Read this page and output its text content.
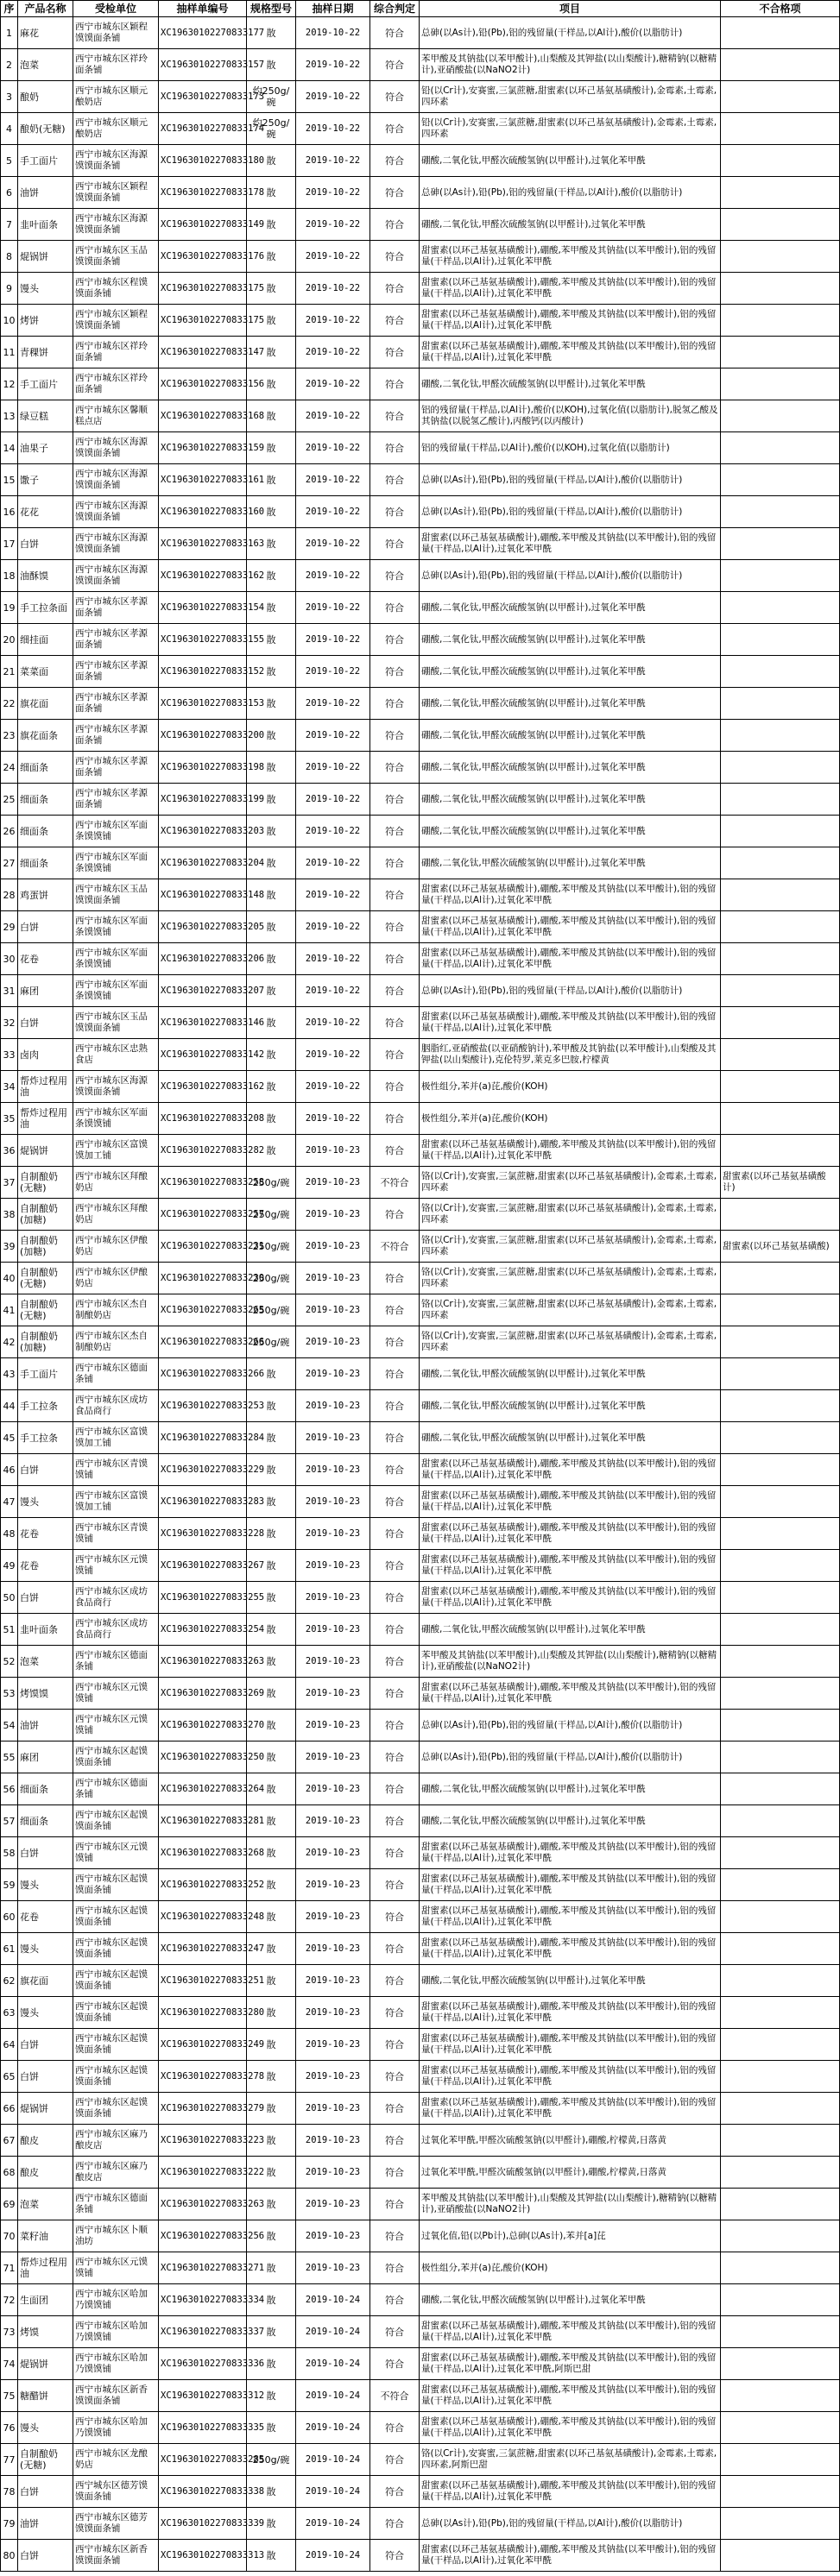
序	产品名称	受检单位	抽样单编号	规格型号	抽样日期	综合判定	项目	不合格项
1	麻花	西宁市城东区颖程馍馍面条铺	XC19630102270833177	散	2019-10-22	符合	总砷(以As计),铅(Pb),铝的残留量(干样品,以Al计),酸价(以脂肪计)	
2	泡菜	西宁市城东区祥玲面条铺	XC19630102270833157	散	2019-10-22	符合	苯甲酸及其钠盐(以苯甲酸计),山梨酸及其钾盐(以山梨酸计),糖精钠(以糖精计),亚硝酸盐(以NaNO2计)	
3	酿奶	西宁市城东区顺元酿奶店	XC19630102270833173	约250g/碗	2019-10-22	符合	铅(以Cr计),安赛蜜,三氯蔗糖,甜蜜素(以环己基氨基磺酸计),金霉素,土霉素,四环素	
4	酿奶(无糖)	西宁市城东区顺元酿奶店	XC19630102270833174	约250g/碗	2019-10-22	符合	铅(以Cr计),安赛蜜,三氯蔗糖,甜蜜素(以环己基氨基磺酸计),金霉素,土霉素,四环素	
5	手工面片	西宁市城东区海源馍馍面条铺	XC19630102270833180	散	2019-10-22	符合	硼酸,二氧化钛,甲醛次硫酸氢钠(以甲醛计),过氧化苯甲酰	
6	油饼	西宁市城东区颖程馍馍面条铺	XC19630102270833178	散	2019-10-22	符合	总砷(以As计),铅(Pb),铝的残留量(干样品,以Al计),酸价(以脂肪计)	
7	韭叶面条	西宁市城东区海源馍馍面条铺	XC19630102270833149	散	2019-10-22	符合	硼酸,二氧化钛,甲醛次硫酸氢钠(以甲醛计),过氧化苯甲酰	
8	焜锅饼	西宁市城东区玉品馍馍面条铺	XC19630102270833176	散	2019-10-22	符合	甜蜜素(以环己基氨基磺酸计),硼酸,苯甲酸及其钠盐(以苯甲酸计),铝的残留量(干样品,以Al计),过氧化苯甲酰	
9	馒头	西宁市城东区程馍馍面条铺	XC19630102270833175	散	2019-10-22	符合	甜蜜素(以环己基氨基磺酸计),硼酸,苯甲酸及其钠盐(以苯甲酸计),铝的残留量(干样品,以Al计),过氧化苯甲酰	
10	烤饼	西宁市城东区颖程馍馍面条铺	XC19630102270833175	散	2019-10-22	符合	甜蜜素(以环己基氨基磺酸计),硼酸,苯甲酸及其钠盐(以苯甲酸计),铝的残留量(干样品,以Al计),过氧化苯甲酰	
11	青稞饼	西宁市城东区祥玲面条铺	XC19630102270833147	散	2019-10-22	符合	甜蜜素(以环己基氨基磺酸计),硼酸,苯甲酸及其钠盐(以苯甲酸计),铝的残留量(干样品,以Al计),过氧化苯甲酰	
12	手工面片	西宁市城东区祥玲面条铺	XC19630102270833156	散	2019-10-22	符合	硼酸,二氧化钛,甲醛次硫酸氢钠(以甲醛计),过氧化苯甲酰	
13	绿豆糕	西宁市城东区馨顺糕点店	XC19630102270833168	散	2019-10-22	符合	铝的残留量(干样品,以Al计),酸价(以KOH),过氧化值(以脂肪计),脱氢乙酸及其钠盐(以脱氢乙酸计),丙酸钙(以丙酸计)	
14	油果子	西宁市城东区海源馍馍面条铺	XC19630102270833159	散	2019-10-22	符合	铝的残留量(干样品,以Al计),酸价(以KOH),过氧化值(以脂肪计)	
15	馓子	西宁市城东区海源馍馍面条铺	XC19630102270833161	散	2019-10-22	符合	总砷(以As计),铅(Pb),铝的残留量(干样品,以Al计),酸价(以脂肪计)	
16	花花	西宁市城东区海源馍馍面条铺	XC19630102270833160	散	2019-10-22	符合	总砷(以As计),铅(Pb),铝的残留量(干样品,以Al计),酸价(以脂肪计)	
17	白饼	西宁市城东区海源馍馍面条铺	XC19630102270833163	散	2019-10-22	符合	甜蜜素(以环己基氨基磺酸计),硼酸,苯甲酸及其钠盐(以苯甲酸计),铝的残留量(干样品,以Al计),过氧化苯甲酰	
18	油酥馍	西宁市城东区海源馍馍面条铺	XC19630102270833162	散	2019-10-22	符合	总砷(以As计),铅(Pb),铝的残留量(干样品,以Al计),酸价(以脂肪计)	
19	手工拉条面	西宁市城东区孝源面条铺	XC19630102270833154	散	2019-10-22	符合	硼酸,二氧化钛,甲醛次硫酸氢钠(以甲醛计),过氧化苯甲酰	
20	细挂面	西宁市城东区孝源面条铺	XC19630102270833155	散	2019-10-22	符合	硼酸,二氧化钛,甲醛次硫酸氢钠(以甲醛计),过氧化苯甲酰	
21	菜菜面	西宁市城东区孝源面条铺	XC19630102270833152	散	2019-10-22	符合	硼酸,二氧化钛,甲醛次硫酸氢钠(以甲醛计),过氧化苯甲酰	
22	旗花面	西宁市城东区孝源面条铺	XC19630102270833153	散	2019-10-22	符合	硼酸,二氧化钛,甲醛次硫酸氢钠(以甲醛计),过氧化苯甲酰	
23	旗花面条	西宁市城东区孝源面条铺	XC19630102270833200	散	2019-10-22	符合	硼酸,二氧化钛,甲醛次硫酸氢钠(以甲醛计),过氧化苯甲酰	
24	细面条	西宁市城东区孝源面条铺	XC19630102270833198	散	2019-10-22	符合	硼酸,二氧化钛,甲醛次硫酸氢钠(以甲醛计),过氧化苯甲酰	
25	细面条	西宁市城东区孝源面条铺	XC19630102270833199	散	2019-10-22	符合	硼酸,二氧化钛,甲醛次硫酸氢钠(以甲醛计),过氧化苯甲酰	
26	细面条	西宁市城东区军面条馍馍铺	XC19630102270833203	散	2019-10-22	符合	硼酸,二氧化钛,甲醛次硫酸氢钠(以甲醛计),过氧化苯甲酰	
27	细面条	西宁市城东区军面条馍馍铺	XC19630102270833204	散	2019-10-22	符合	硼酸,二氧化钛,甲醛次硫酸氢钠(以甲醛计),过氧化苯甲酰	
28	鸡蛋饼	西宁市城东区玉品馍馍面条铺	XC19630102270833148	散	2019-10-22	符合	甜蜜素(以环己基氨基磺酸计),硼酸,苯甲酸及其钠盐(以苯甲酸计),铝的残留量(干样品,以Al计),过氧化苯甲酰	
29	白饼	西宁市城东区军面条馍馍铺	XC19630102270833205	散	2019-10-22	符合	甜蜜素(以环己基氨基磺酸计),硼酸,苯甲酸及其钠盐(以苯甲酸计),铝的残留量(干样品,以Al计),过氧化苯甲酰	
30	花卷	西宁市城东区军面条馍馍铺	XC19630102270833206	散	2019-10-22	符合	甜蜜素(以环己基氨基磺酸计),硼酸,苯甲酸及其钠盐(以苯甲酸计),铝的残留量(干样品,以Al计),过氧化苯甲酰	
31	麻团	西宁市城东区军面条馍馍铺	XC19630102270833207	散	2019-10-22	符合	总砷(以As计),铅(Pb),铝的残留量(干样品,以Al计),酸价(以脂肪计)	
32	白饼	西宁市城东区玉品馍馍面条铺	XC19630102270833146	散	2019-10-22	符合	甜蜜素(以环己基氨基磺酸计),硼酸,苯甲酸及其钠盐(以苯甲酸计),铝的残留量(干样品,以Al计),过氧化苯甲酰	
33	卤肉	西宁市城东区忠熟食店	XC19630102270833142	散	2019-10-22	符合	胭脂红,亚硝酸盐(以亚硝酸钠计),苯甲酸及其钠盐(以苯甲酸计),山梨酸及其钾盐(以山梨酸计),克伦特罗,莱克多巴胺,柠檬黄	
34	帮炸过程用油	西宁市城东区海源馍馍面条铺	XC19630102270833162	散	2019-10-22	符合	极性组分,苯并(a)芘,酸价(KOH)	
35	帮炸过程用油	西宁市城东区军面条馍馍铺	XC19630102270833208	散	2019-10-22	符合	极性组分,苯并(a)芘,酸价(KOH)	
36	焜锅饼	西宁市城东区富馍馍加工铺	XC19630102270833282	散	2019-10-23	符合	甜蜜素(以环己基氨基磺酸计),硼酸,苯甲酸及其钠盐(以苯甲酸计),铝的残留量(干样品,以Al计),过氧化苯甲酰	
37	自制酿奶(无糖)	西宁市城东区拜酿奶店	XC19630102270833258	250g/碗	2019-10-23	不符合	铬(以Cr计),安赛蜜,三氯蔗糖,甜蜜素(以环己基氨基磺酸计),金霉素,土霉素,四环素	甜蜜素(以环己基氨基磺酸计)
38	自制酿奶(加糖)	西宁市城东区拜酿奶店	XC19630102270833257	250g/碗	2019-10-23	符合	铬(以Cr计),安赛蜜,三氯蔗糖,甜蜜素(以环己基氨基磺酸计),金霉素,土霉素,四环素	
39	自制酿奶(加糖)	西宁市城东区伊酿奶店	XC19630102270833231	250g/碗	2019-10-23	不符合	铬(以Cr计),安赛蜜,三氯蔗糖,甜蜜素(以环己基氨基磺酸计),金霉素,土霉素,四环素	甜蜜素(以环己基氨基磺酸)
40	自制酿奶(无糖)	西宁市城东区伊酿奶店	XC19630102270833230	250g/碗	2019-10-23	符合	铬(以Cr计),安赛蜜,三氯蔗糖,甜蜜素(以环己基氨基磺酸计),金霉素,土霉素,四环素	
41	自制酿奶(无糖)	西宁市城东区杰自制酿奶店	XC19630102270833265	250g/碗	2019-10-23	符合	铬(以Cr计),安赛蜜,三氯蔗糖,甜蜜素(以环己基氨基磺酸计),金霉素,土霉素,四环素	
42	自制酿奶(加糖)	西宁市城东区杰自制酿奶店	XC19630102270833266	250g/碗	2019-10-23	符合	铬(以Cr计),安赛蜜,三氯蔗糖,甜蜜素(以环己基氨基磺酸计),金霉素,土霉素,四环素	
43	手工面片	西宁市城东区德面条铺	XC19630102270833266	散	2019-10-23	符合	硼酸,二氧化钛,甲醛次硫酸氢钠(以甲醛计),过氧化苯甲酰	
44	手工拉条	西宁市城东区成坊食品商行	XC19630102270833253	散	2019-10-23	符合	硼酸,二氧化钛,甲醛次硫酸氢钠(以甲醛计),过氧化苯甲酰	
45	手工拉条	西宁市城东区富馍馍加工铺	XC19630102270833284	散	2019-10-23	符合	硼酸,二氧化钛,甲醛次硫酸氢钠(以甲醛计),过氧化苯甲酰	
46	白饼	西宁市城东区青馍馍铺	XC19630102270833229	散	2019-10-23	符合	甜蜜素(以环己基氨基磺酸计),硼酸,苯甲酸及其钠盐(以苯甲酸计),铝的残留量(干样品,以Al计),过氧化苯甲酰	
47	馒头	西宁市城东区富馍馍加工铺	XC19630102270833283	散	2019-10-23	符合	甜蜜素(以环己基氨基磺酸计),硼酸,苯甲酸及其钠盐(以苯甲酸计),铝的残留量(干样品,以Al计),过氧化苯甲酰	
48	花卷	西宁市城东区青馍馍铺	XC19630102270833228	散	2019-10-23	符合	甜蜜素(以环己基氨基磺酸计),硼酸,苯甲酸及其钠盐(以苯甲酸计),铝的残留量(干样品,以Al计),过氧化苯甲酰	
49	花卷	西宁市城东区元馍馍铺	XC19630102270833267	散	2019-10-23	符合	甜蜜素(以环己基氨基磺酸计),硼酸,苯甲酸及其钠盐(以苯甲酸计),铝的残留量(干样品,以Al计),过氧化苯甲酰	
50	白饼	西宁市城东区成坊食品商行	XC19630102270833255	散	2019-10-23	符合	甜蜜素(以环己基氨基磺酸计),硼酸,苯甲酸及其钠盐(以苯甲酸计),铝的残留量(干样品,以Al计),过氧化苯甲酰	
51	韭叶面条	西宁市城东区成坊食品商行	XC19630102270833254	散	2019-10-23	符合	硼酸,二氧化钛,甲醛次硫酸氢钠(以甲醛计),过氧化苯甲酰	
52	泡菜	西宁市城东区德面条铺	XC19630102270833263	散	2019-10-23	符合	苯甲酸及其钠盐(以苯甲酸计),山梨酸及其钾盐(以山梨酸计),糖精钠(以糖精计),亚硝酸盐(以NaNO2计)	
53	烤馍馍	西宁市城东区元馍馍铺	XC19630102270833269	散	2019-10-23	符合	甜蜜素(以环己基氨基磺酸计),硼酸,苯甲酸及其钠盐(以苯甲酸计),铝的残留量(干样品,以Al计),过氧化苯甲酰	
54	油饼	西宁市城东区元馍馍铺	XC19630102270833270	散	2019-10-23	符合	总砷(以As计),铅(Pb),铝的残留量(干样品,以Al计),酸价(以脂肪计)	
55	麻团	西宁市城东区起馍馍面条铺	XC19630102270833250	散	2019-10-23	符合	总砷(以As计),铅(Pb),铝的残留量(干样品,以Al计),酸价(以脂肪计)	
56	细面条	西宁市城东区德面条铺	XC19630102270833264	散	2019-10-23	符合	硼酸,二氧化钛,甲醛次硫酸氢钠(以甲醛计),过氧化苯甲酰	
57	细面条	西宁市城东区起馍馍面条铺	XC19630102270833281	散	2019-10-23	符合	硼酸,二氧化钛,甲醛次硫酸氢钠(以甲醛计),过氧化苯甲酰	
58	白饼	西宁市城东区元馍馍铺	XC19630102270833268	散	2019-10-23	符合	甜蜜素(以环己基氨基磺酸计),硼酸,苯甲酸及其钠盐(以苯甲酸计),铝的残留量(干样品,以Al计),过氧化苯甲酰	
59	馒头	西宁市城东区起馍馍面条铺	XC19630102270833252	散	2019-10-23	符合	甜蜜素(以环己基氨基磺酸计),硼酸,苯甲酸及其钠盐(以苯甲酸计),铝的残留量(干样品,以Al计),过氧化苯甲酰	
60	花卷	西宁市城东区起馍馍面条铺	XC19630102270833248	散	2019-10-23	符合	甜蜜素(以环己基氨基磺酸计),硼酸,苯甲酸及其钠盐(以苯甲酸计),铝的残留量(干样品,以Al计),过氧化苯甲酰	
61	馒头	西宁市城东区起馍馍面条铺	XC19630102270833247	散	2019-10-23	符合	甜蜜素(以环己基氨基磺酸计),硼酸,苯甲酸及其钠盐(以苯甲酸计),铝的残留量(干样品,以Al计),过氧化苯甲酰	
62	旗花面	西宁市城东区起馍馍面条铺	XC19630102270833251	散	2019-10-23	符合	硼酸,二氧化钛,甲醛次硫酸氢钠(以甲醛计),过氧化苯甲酰	
63	馒头	西宁市城东区起馍馍面条铺	XC19630102270833280	散	2019-10-23	符合	甜蜜素(以环己基氨基磺酸计),硼酸,苯甲酸及其钠盐(以苯甲酸计),铝的残留量(干样品,以Al计),过氧化苯甲酰	
64	白饼	西宁市城东区起馍馍面条铺	XC19630102270833249	散	2019-10-23	符合	甜蜜素(以环己基氨基磺酸计),硼酸,苯甲酸及其钠盐(以苯甲酸计),铝的残留量(干样品,以Al计),过氧化苯甲酰	
65	白饼	西宁市城东区起馍馍面条铺	XC19630102270833278	散	2019-10-23	符合	甜蜜素(以环己基氨基磺酸计),硼酸,苯甲酸及其钠盐(以苯甲酸计),铝的残留量(干样品,以Al计),过氧化苯甲酰	
66	焜锅饼	西宁市城东区起馍馍面条铺	XC19630102270833279	散	2019-10-23	符合	甜蜜素(以环己基氨基磺酸计),硼酸,苯甲酸及其钠盐(以苯甲酸计),铝的残留量(干样品,以Al计),过氧化苯甲酰	
67	酿皮	西宁市城东区麻乃酿皮店	XC19630102270833223	散	2019-10-23	符合	过氧化苯甲酰,甲醛次硫酸氢钠(以甲醛计),硼酸,柠檬黄,日落黄	
68	酿皮	西宁市城东区麻乃酿皮店	XC19630102270833222	散	2019-10-23	符合	过氧化苯甲酰,甲醛次硫酸氢钠(以甲醛计),硼酸,柠檬黄,日落黄	
69	泡菜	西宁市城东区德面条铺	XC19630102270833263	散	2019-10-23	符合	苯甲酸及其钠盐(以苯甲酸计),山梨酸及其钾盐(以山梨酸计),糖精钠(以糖精计),亚硝酸盐(以NaNO2计)	
70	菜籽油	西宁市城东区卜顺油坊	XC19630102270833256	散	2019-10-23	符合	过氧化值,铅(以Pb计),总砷(以As计),苯并[a]芘	
71	帮炸过程用油	西宁市城东区元馍馍铺	XC19630102270833271	散	2019-10-23	符合	极性组分,苯并(a)芘,酸价(KOH)	
72	生面团	西宁市城东区哈加乃馍馍铺	XC19630102270833334	散	2019-10-24	符合	硼酸,二氧化钛,甲醛次硫酸氢钠(以甲醛计),过氧化苯甲酰	
73	烤馍	西宁市城东区哈加乃馍馍铺	XC19630102270833337	散	2019-10-24	符合	甜蜜素(以环己基氨基磺酸计),硼酸,苯甲酸及其钠盐(以苯甲酸计),铝的残留量(干样品,以Al计),过氧化苯甲酰	
74	焜锅饼	西宁市城东区哈加乃馍馍铺	XC19630102270833336	散	2019-10-24	符合	甜蜜素(以环己基氨基磺酸计),硼酸,苯甲酸及其钠盐(以苯甲酸计),铝的残留量(干样品,以Al计),过氧化苯甲酰,阿斯巴甜	
75	糖醋饼	西宁市城东区新香馍馍面条铺	XC19630102270833312	散	2019-10-24	不符合	甜蜜素(以环己基氨基磺酸计),硼酸,苯甲酸及其钠盐(以苯甲酸计),铝的残留量(干样品,以Al计),过氧化苯甲酰	
76	馒头	西宁市城东区哈加乃馍馍铺	XC19630102270833335	散	2019-10-24	符合	甜蜜素(以环己基氨基磺酸计),硼酸,苯甲酸及其钠盐(以苯甲酸计),铝的残留量(干样品,以Al计),过氧化苯甲酰	
77	自制酿奶(无糖)	西宁市城东区龙酿奶店	XC19630102270833285	250g/碗	2019-10-24	符合	铬(以Cr计),安赛蜜,三氯蔗糖,甜蜜素(以环己基氨基磺酸计),金霉素,土霉素,四环素,阿斯巴甜	
78	白饼	西宁城东区德芳馍馍面条铺	XC19630102270833338	散	2019-10-24	符合	甜蜜素(以环己基氨基磺酸计),硼酸,苯甲酸及其钠盐(以苯甲酸计),铝的残留量(干样品,以Al计),过氧化苯甲酰	
79	油饼	西宁市城东区德芳馍馍面条铺	XC19630102270833339	散	2019-10-24	符合	总砷(以As计),铅(Pb),铝的残留量(干样品,以Al计),酸价(以脂肪计)	
80	白饼	西宁市城东区新香馍馍面条铺	XC19630102270833313	散	2019-10-24	符合	甜蜜素(以环己基氨基磺酸计),硼酸,苯甲酸及其钠盐(以苯甲酸计),铝的残留量(干样品,以Al计),过氧化苯甲酰	
